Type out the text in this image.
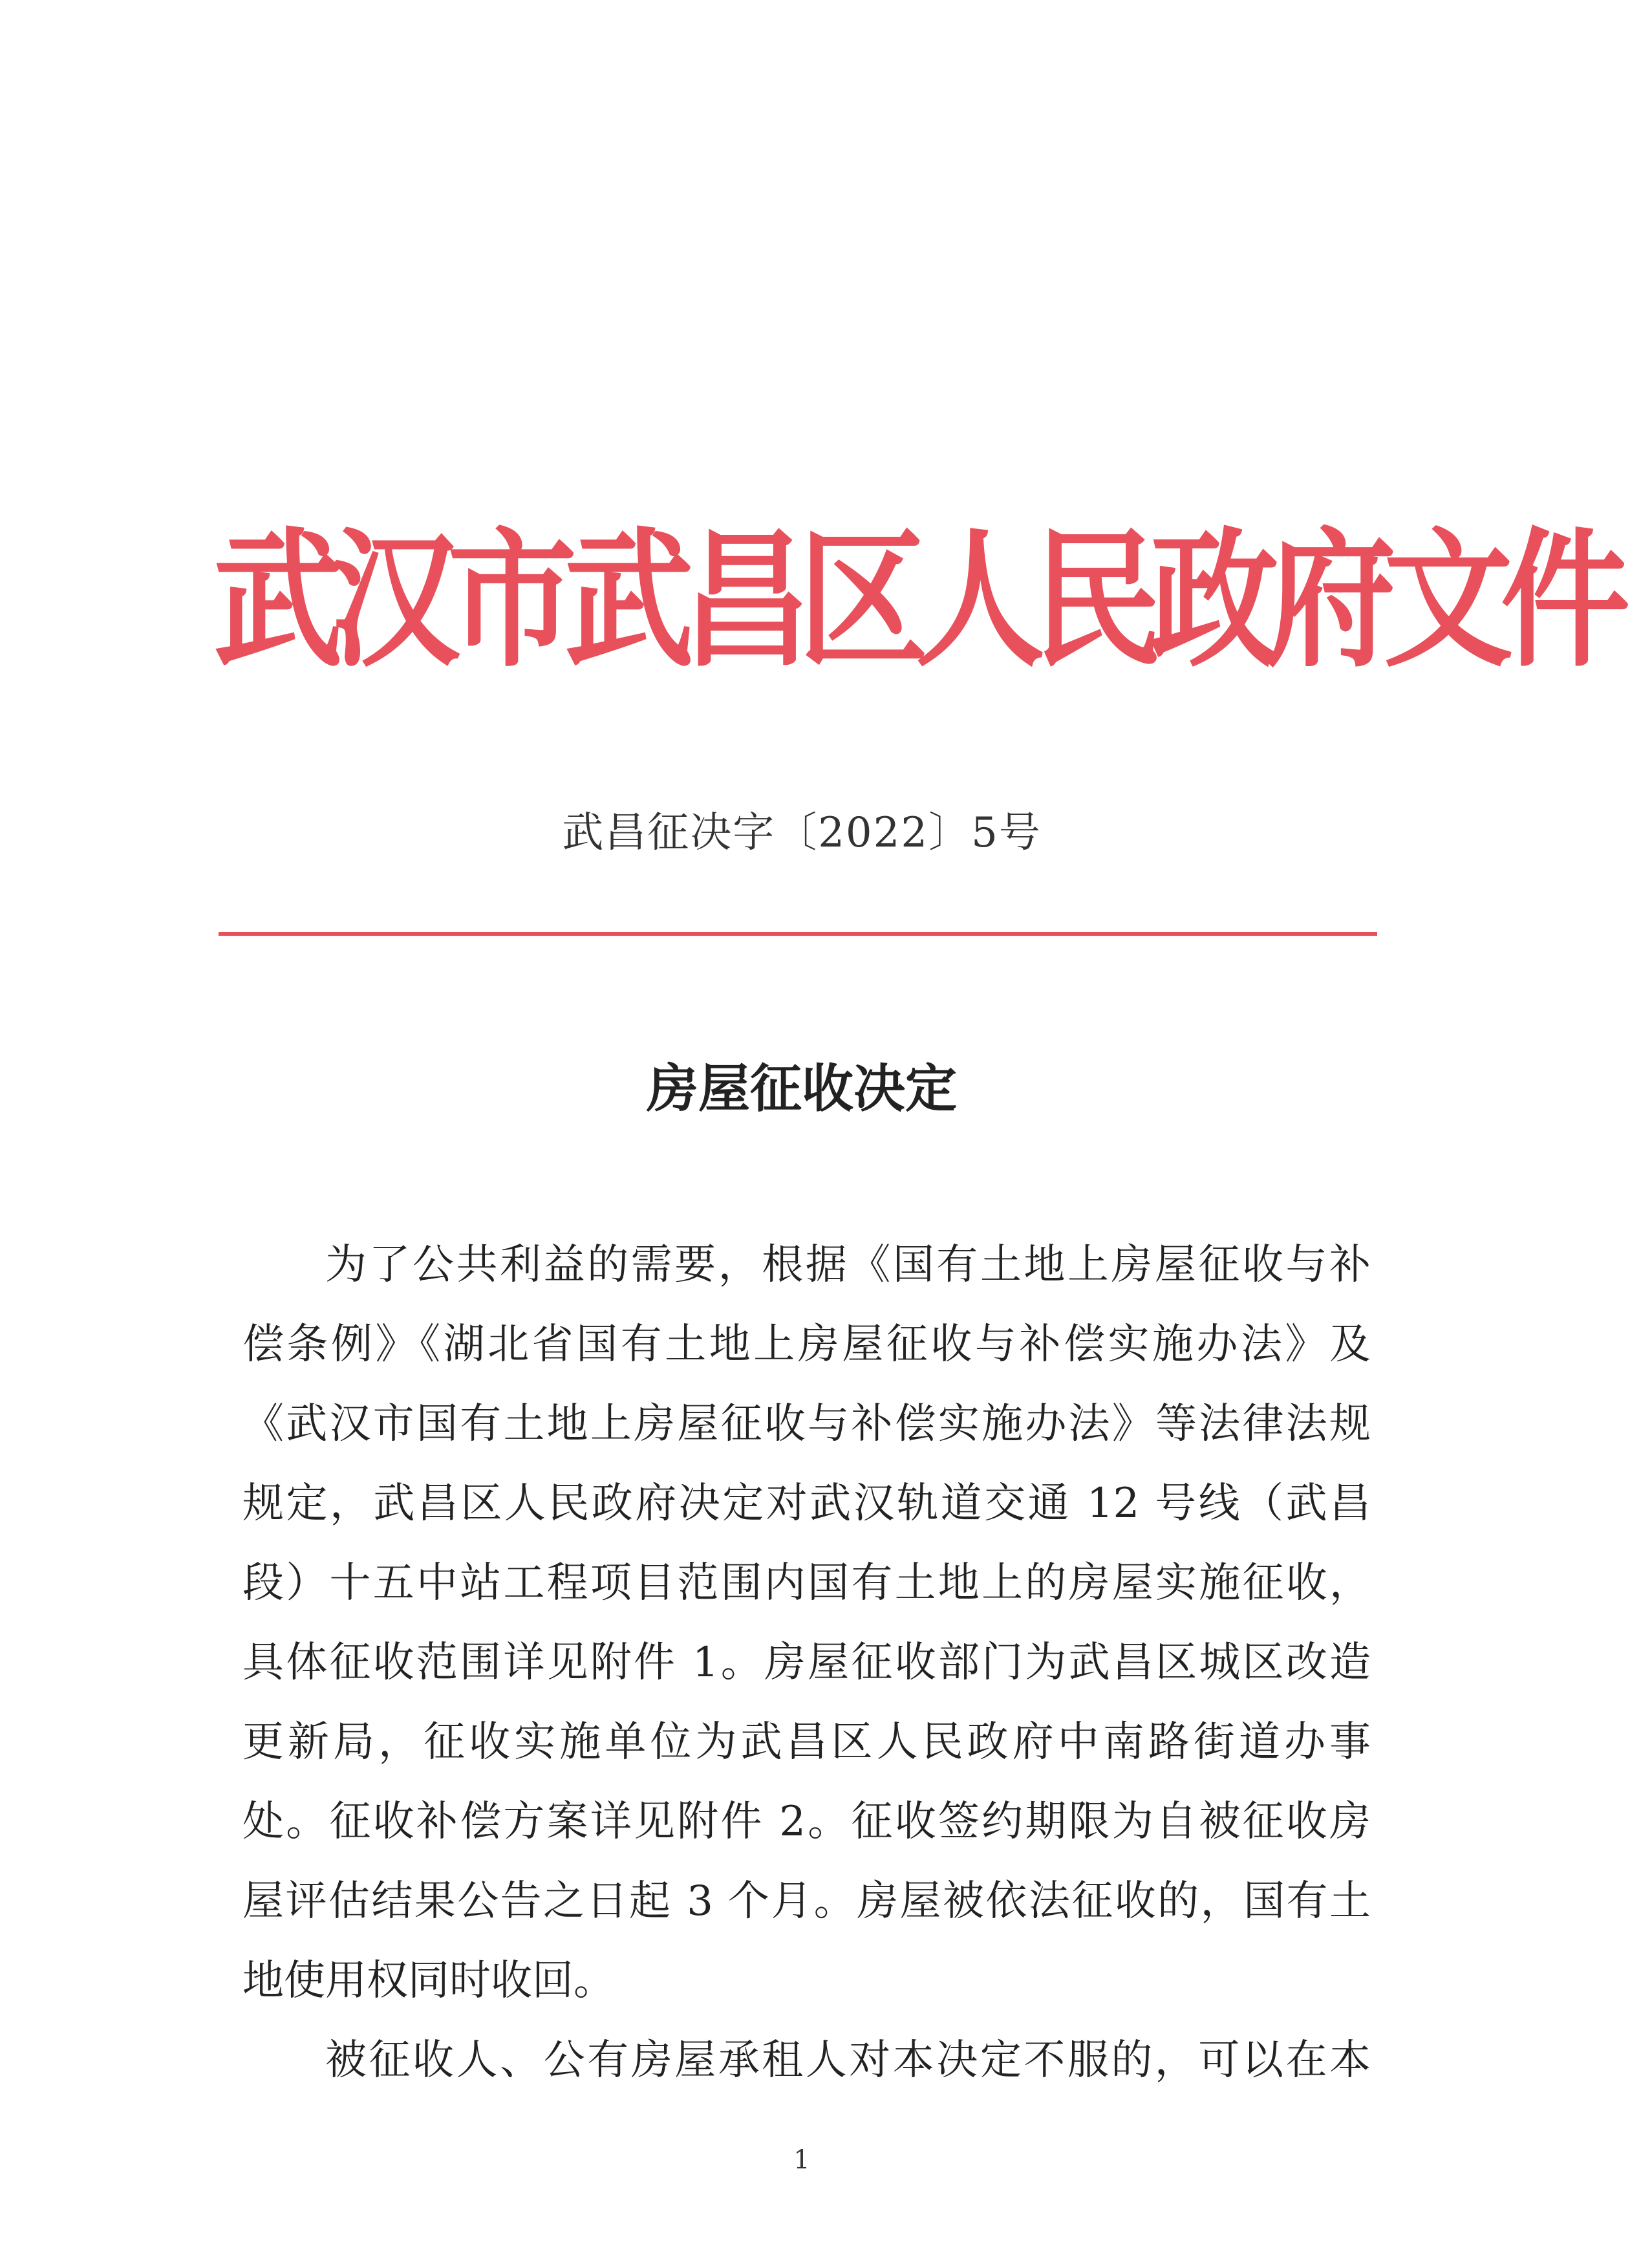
武
汉
市
武
昌
区
人
民
政
府
文
件
武昌征决字〔2022〕5号
房屋征收决定
为了公共利益的需要，根据《国有土地上房屋征收与补
偿条例》《湖北省国有土地上房屋征收与补偿实施办法》及
《武汉市国有土地上房屋征收与补偿实施办法》等法律法规
规定，武昌区人民政府决定对武汉轨道交通 12 号线（武昌
段）十五中站工程项目范围内国有土地上的房屋实施征收，
具体征收范围详见附件 1。房屋征收部门为武昌区城区改造
更新局，征收实施单位为武昌区人民政府中南路街道办事
处。征收补偿方案详见附件 2。征收签约期限为自被征收房
屋评估结果公告之日起 3 个月。房屋被依法征收的，国有土
地使用权同时收回。
被征收人、公有房屋承租人对本决定不服的，可以在本
1
